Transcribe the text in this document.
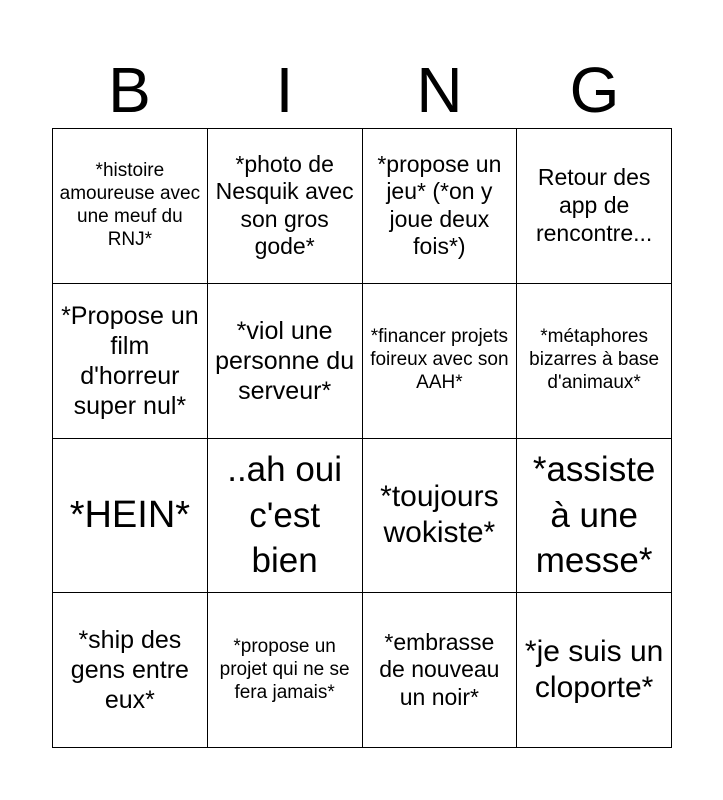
B	I	N	G
*histoire amoureuse avec une meuf du RNJ*
*photo de Nesquik avec son gros gode*
*propose un jeu* (*on y joue deux fois*)
Retour des app de rencontre...
*Propose un film d'horreur super nul*
*viol une personne du serveur*
*financer projets foireux avec son AAH*
*métaphores bizarres à base d'animaux*
*HEIN*
..ah oui c'est bien
*toujours wokiste*
*assiste à une messe*
*ship des gens entre eux*
*propose un projet qui ne se fera jamais*
*embrasse de nouveau un noir*
*je suis un cloporte*
